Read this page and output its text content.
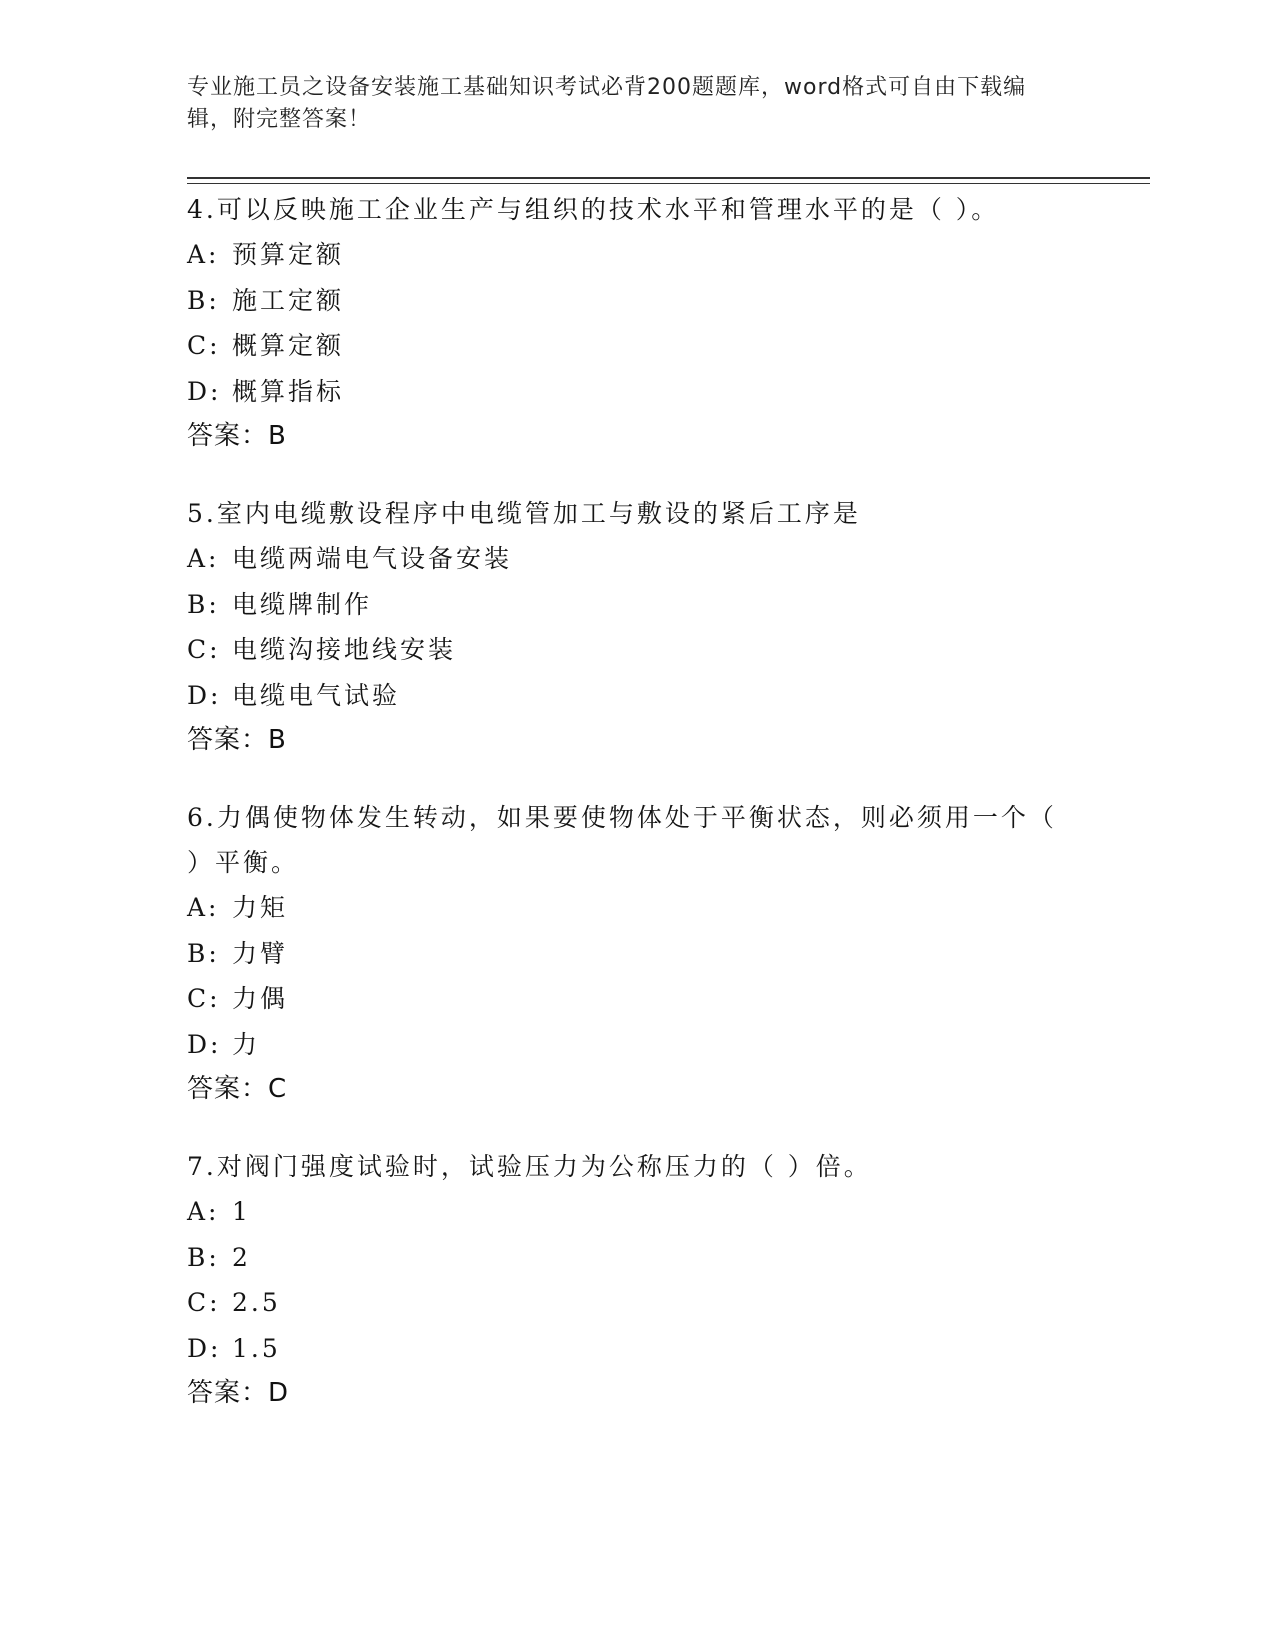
专业施工员之设备安装施工基础知识考试必背200题题库，word格式可自由下载编辑，附完整答案！
4.可以反映施工企业生产与组织的技术水平和管理水平的是（ ）。
A: 预算定额
B: 施工定额
C: 概算定额
D: 概算指标
答案：B
5.室内电缆敷设程序中电缆管加工与敷设的紧后工序是
A: 电缆两端电气设备安装
B: 电缆牌制作
C: 电缆沟接地线安装
D: 电缆电气试验
答案：B
6.力偶使物体发生转动，如果要使物体处于平衡状态，则必须用一个（ ）平衡。
A: 力矩
B: 力臂
C: 力偶
D: 力
答案：C
7.对阀门强度试验时，试验压力为公称压力的（ ）倍。
A: 1
B: 2
C: 2.5
D: 1.5
答案：D
